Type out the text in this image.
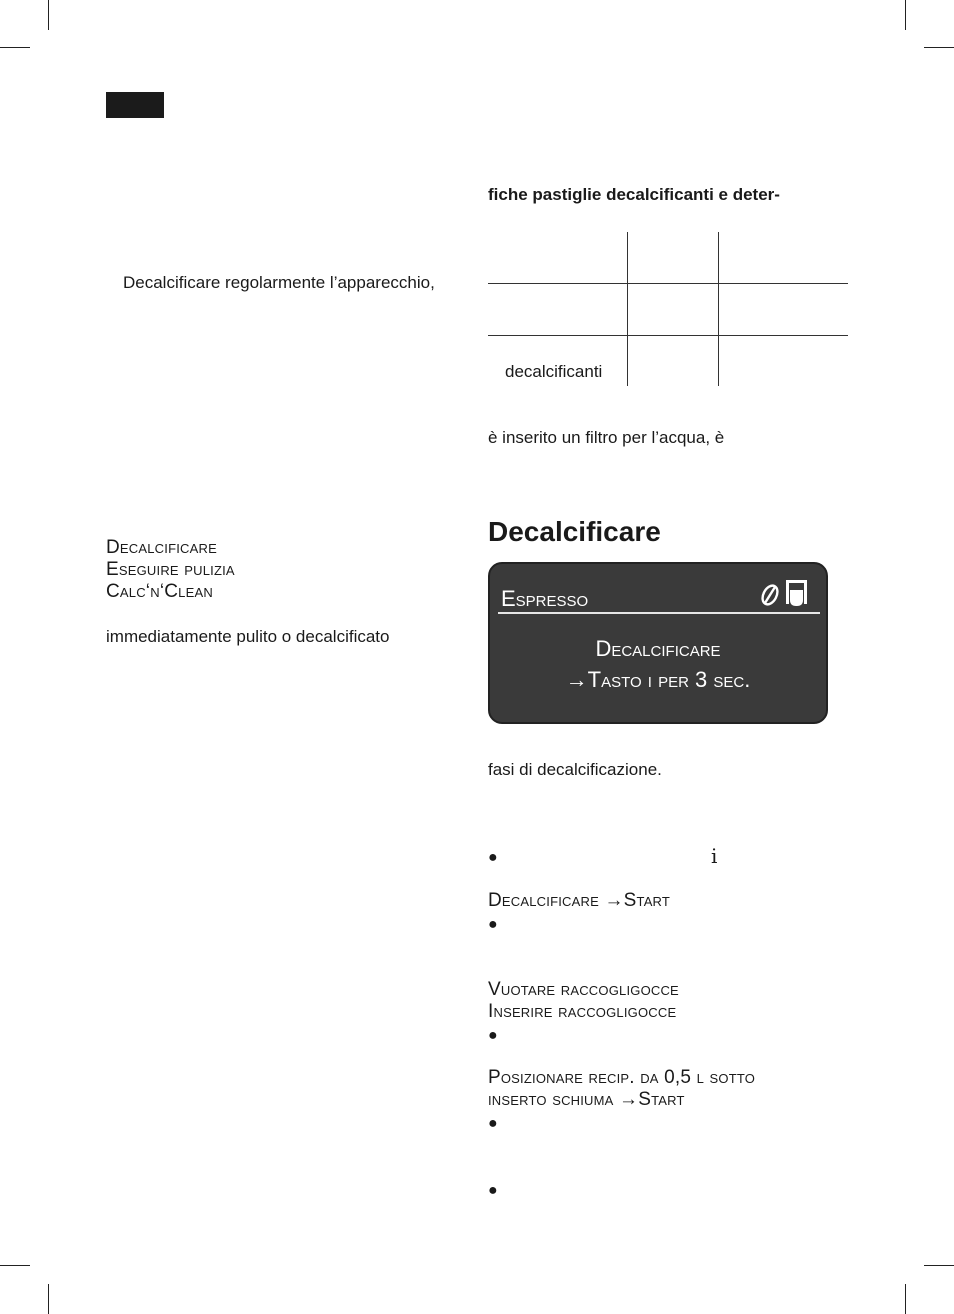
Decalcificare regolarmente l’apparecchio,
Decalcificare
Eseguire pulizia
Calc‘n‘Clean
immediatamente pulito o decalcificato
fiche pastiglie decalcificanti e deter-
decalcificanti
è inserito un filtro per l’acqua, è
Decalcificare
Espresso
Decalcificare
→Tasto i per 3 sec.
fasi di decalcificazione.
●	i
Decalcificare →Start
●
Vuotare raccogligocce
Inserire raccogligocce
●
Posizionare recip. da 0,5 l sotto
inserto schiuma →Start
●
●
